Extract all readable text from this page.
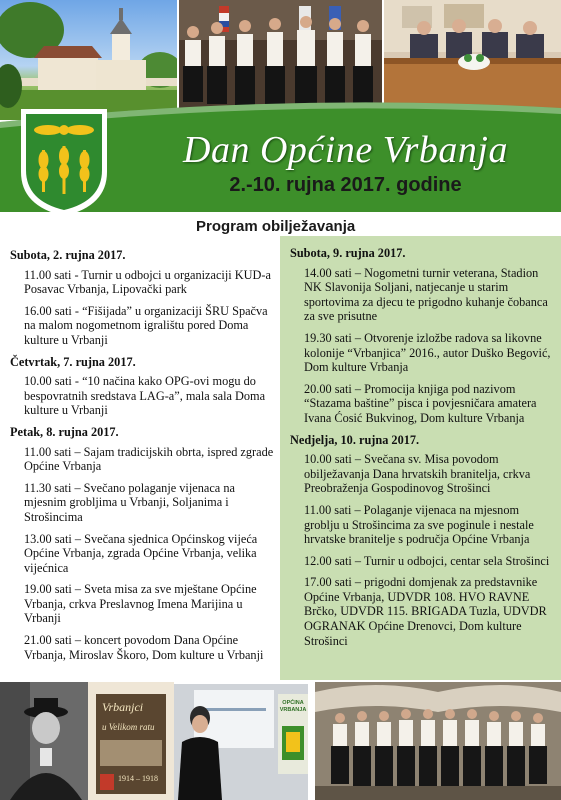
Dan Općine Vrbanja
2.-10. rujna 2017. godine
Program obilježavanja
Subota, 2. rujna 2017.
11.00 sati - Turnir u odbojci u organizaciji KUD-a Posavac Vrbanja, Lipovački park
16.00 sati - “Fišijada” u organizaciji ŠRU Spačva na malom nogometnom igralištu pored Doma kulture u Vrbanji
Četvrtak, 7. rujna 2017.
10.00 sati - “10 načina kako OPG-ovi mogu do bespovratnih sredstava LAG-a”, mala sala Doma kulture u Vrbanji
Petak, 8. rujna 2017.
11.00 sati – Sajam tradicijskih obrta, ispred zgrade Općine Vrbanja
11.30 sati – Svečano polaganje vijenaca na mjesnim grobljima u Vrbanji, Soljanima i Strošincima
13.00 sati – Svečana sjednica Općinskog vijeća Općine Vrbanja, zgrada Općine Vrbanja, velika vijećnica
19.00 sati – Sveta misa za sve mještane Općine Vrbanja, crkva Preslavnog Imena Marijina u Vrbanji
21.00 sati – koncert povodom Dana Općine Vrbanja, Miroslav Škoro, Dom kulture u Vrbanji
Subota, 9. rujna 2017.
14.00 sati – Nogometni turnir veterana, Stadion NK Slavonija Soljani, natjecanje u starim sportovima za djecu te prigodno kuhanje čobanca za sve prisutne
19.30 sati – Otvorenje izložbe radova sa likovne kolonije “Vrbanjica” 2016., autor Duško Begović, Dom kulture Vrbanja
20.00 sati – Promocija knjiga pod nazivom “Stazama baštine” pisca i povjesničara amatera Ivana Ćosić Bukvinog, Dom kulture Vrbanja
Nedjelja, 10. rujna 2017.
10.00 sati – Svečana sv. Misa povodom obilježavanja Dana hrvatskih branitelja, crkva Preobraženja Gospodinovog Strošinci
11.00 sati – Polaganje vijenaca na mjesnom groblju u Strošincima za sve poginule i nestale hrvatske branitelje s područja Općine Vrbanja
12.00 sati – Turnir u odbojci, centar sela Strošinci
17.00 sati – prigodni domjenak za predstavnike Općine Vrbanja, UDVDR 108. HVO RAVNE Brčko, UDVDR 115. BRIGADA Tuzla, UDVDR OGRANAK Općine Drenovci, Dom kulture Strošinci
Vrbanjci
u Velikom ratu
1914 – 1918
OPĆINA VRBANJA
